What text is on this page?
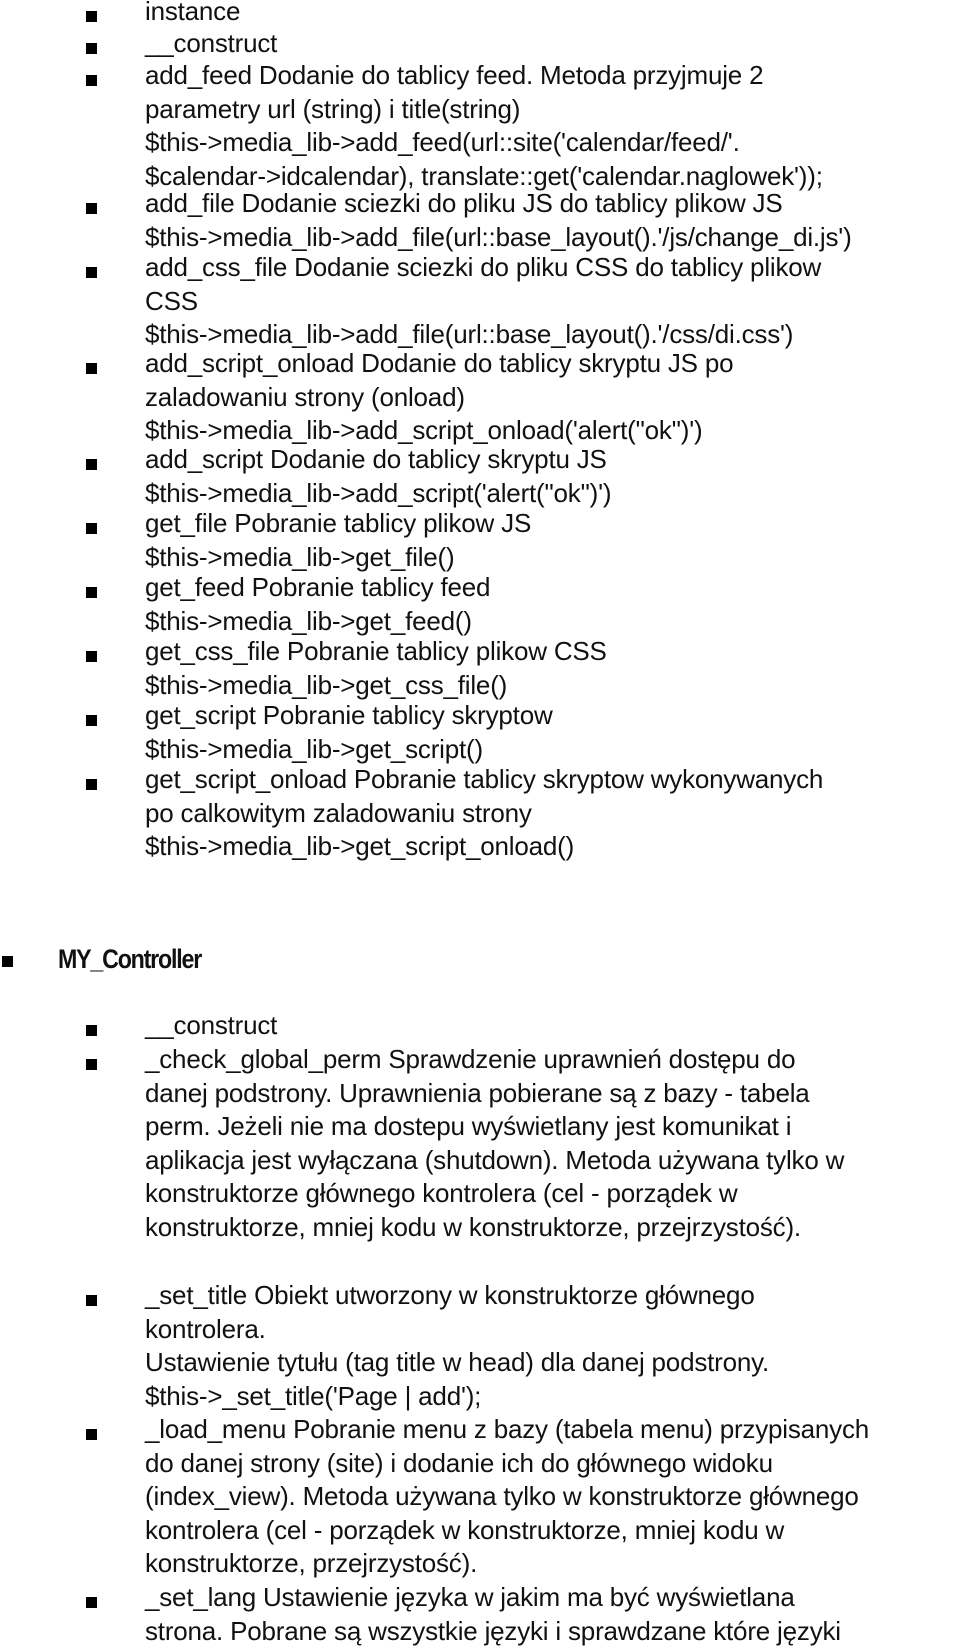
instance
__construct
add_feed Dodanie do tablicy feed. Metoda przyjmuje 2
parametry url (string) i title(string)
$this->media_lib->add_feed(url::site('calendar/feed/'.
$calendar->idcalendar), translate::get('calendar.naglowek'));
add_file Dodanie sciezki do pliku JS do tablicy plikow JS
$this->media_lib->add_file(url::base_layout().'/js/change_di.js')
add_css_file Dodanie sciezki do pliku CSS do tablicy plikow
CSS
$this->media_lib->add_file(url::base_layout().'/css/di.css')
add_script_onload Dodanie do tablicy skryptu JS po
zaladowaniu strony (onload)
$this->media_lib->add_script_onload('alert("ok")')
add_script Dodanie do tablicy skryptu JS
$this->media_lib->add_script('alert("ok")')
get_file Pobranie tablicy plikow JS
$this->media_lib->get_file()
get_feed Pobranie tablicy feed
$this->media_lib->get_feed()
get_css_file Pobranie tablicy plikow CSS
$this->media_lib->get_css_file()
get_script Pobranie tablicy skryptow
$this->media_lib->get_script()
get_script_onload Pobranie tablicy skryptow wykonywanych
po calkowitym zaladowaniu strony
$this->media_lib->get_script_onload()
MY_Controller
__construct
_check_global_perm Sprawdzenie uprawnień dostępu do
danej podstrony. Uprawnienia pobierane są z bazy - tabela
perm. Jeżeli nie ma dostepu wyświetlany jest komunikat i
aplikacja jest wyłączana (shutdown). Metoda używana tylko w
konstruktorze głównego kontrolera (cel - porządek w
konstruktorze, mniej kodu w konstruktorze, przejrzystość).
_set_title Obiekt utworzony w konstruktorze głównego
kontrolera.
Ustawienie tytułu (tag title w head) dla danej podstrony.
$this->_set_title('Page | add');
_load_menu Pobranie menu z bazy (tabela menu) przypisanych
do danej strony (site) i dodanie ich do głównego widoku
(index_view). Metoda używana tylko w konstruktorze głównego
kontrolera (cel - porządek w konstruktorze, mniej kodu w
konstruktorze, przejrzystość).
_set_lang Ustawienie języka w jakim ma być wyświetlana
strona. Pobrane są wszystkie języki i sprawdzane które języki
